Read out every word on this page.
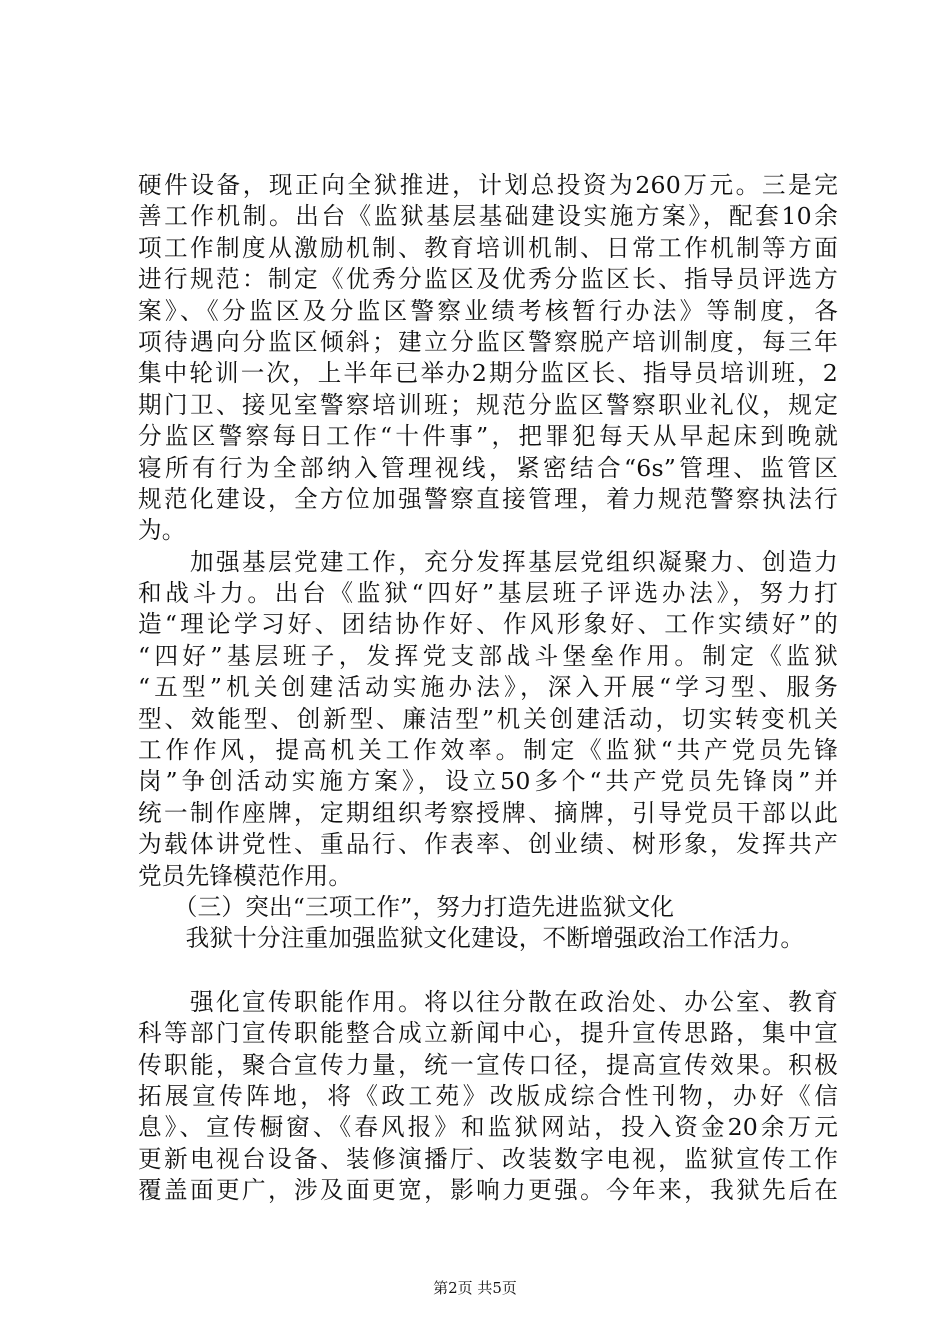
硬件设备，现正向全狱推进，计划总投资为260万元。三是完
善工作机制。出台《监狱基层基础建设实施方案》，配套10余
项工作制度从激励机制、教育培训机制、日常工作机制等方面
进行规范：制定《优秀分监区及优秀分监区长、指导员评选方
案》、《分监区及分监区警察业绩考核暂行办法》等制度，各
项待遇向分监区倾斜；建立分监区警察脱产培训制度，每三年
集中轮训一次，上半年已举办2期分监区长、指导员培训班，2
期门卫、接见室警察培训班；规范分监区警察职业礼仪，规定
分监区警察每日工作“十件事”，把罪犯每天从早起床到晚就
寝所有行为全部纳入管理视线，紧密结合“6s”管理、监管区
规范化建设，全方位加强警察直接管理，着力规范警察执法行
为。
　　加强基层党建工作，充分发挥基层党组织凝聚力、创造力
和战斗力。出台《监狱“四好”基层班子评选办法》，努力打
造“理论学习好、团结协作好、作风形象好、工作实绩好”的
“四好”基层班子，发挥党支部战斗堡垒作用。制定《监狱
“五型”机关创建活动实施办法》，深入开展“学习型、服务
型、效能型、创新型、廉洁型”机关创建活动，切实转变机关
工作作风，提高机关工作效率。制定《监狱“共产党员先锋
岗”争创活动实施方案》，设立50多个“共产党员先锋岗”并
统一制作座牌，定期组织考察授牌、摘牌，引导党员干部以此
为载体讲党性、重品行、作表率、创业绩、树形象，发挥共产
党员先锋模范作用。
　　（三）突出“三项工作”，努力打造先进监狱文化
　　我狱十分注重加强监狱文化建设，不断增强政治工作活力。
　　强化宣传职能作用。将以往分散在政治处、办公室、教育
科等部门宣传职能整合成立新闻中心，提升宣传思路，集中宣
传职能，聚合宣传力量，统一宣传口径，提高宣传效果。积极
拓展宣传阵地，将《政工苑》改版成综合性刊物，办好《信
息》、宣传橱窗、《春风报》和监狱网站，投入资金20余万元
更新电视台设备、装修演播厅、改装数字电视，监狱宣传工作
覆盖面更广，涉及面更宽，影响力更强。今年来，我狱先后在
第2页 共5页
